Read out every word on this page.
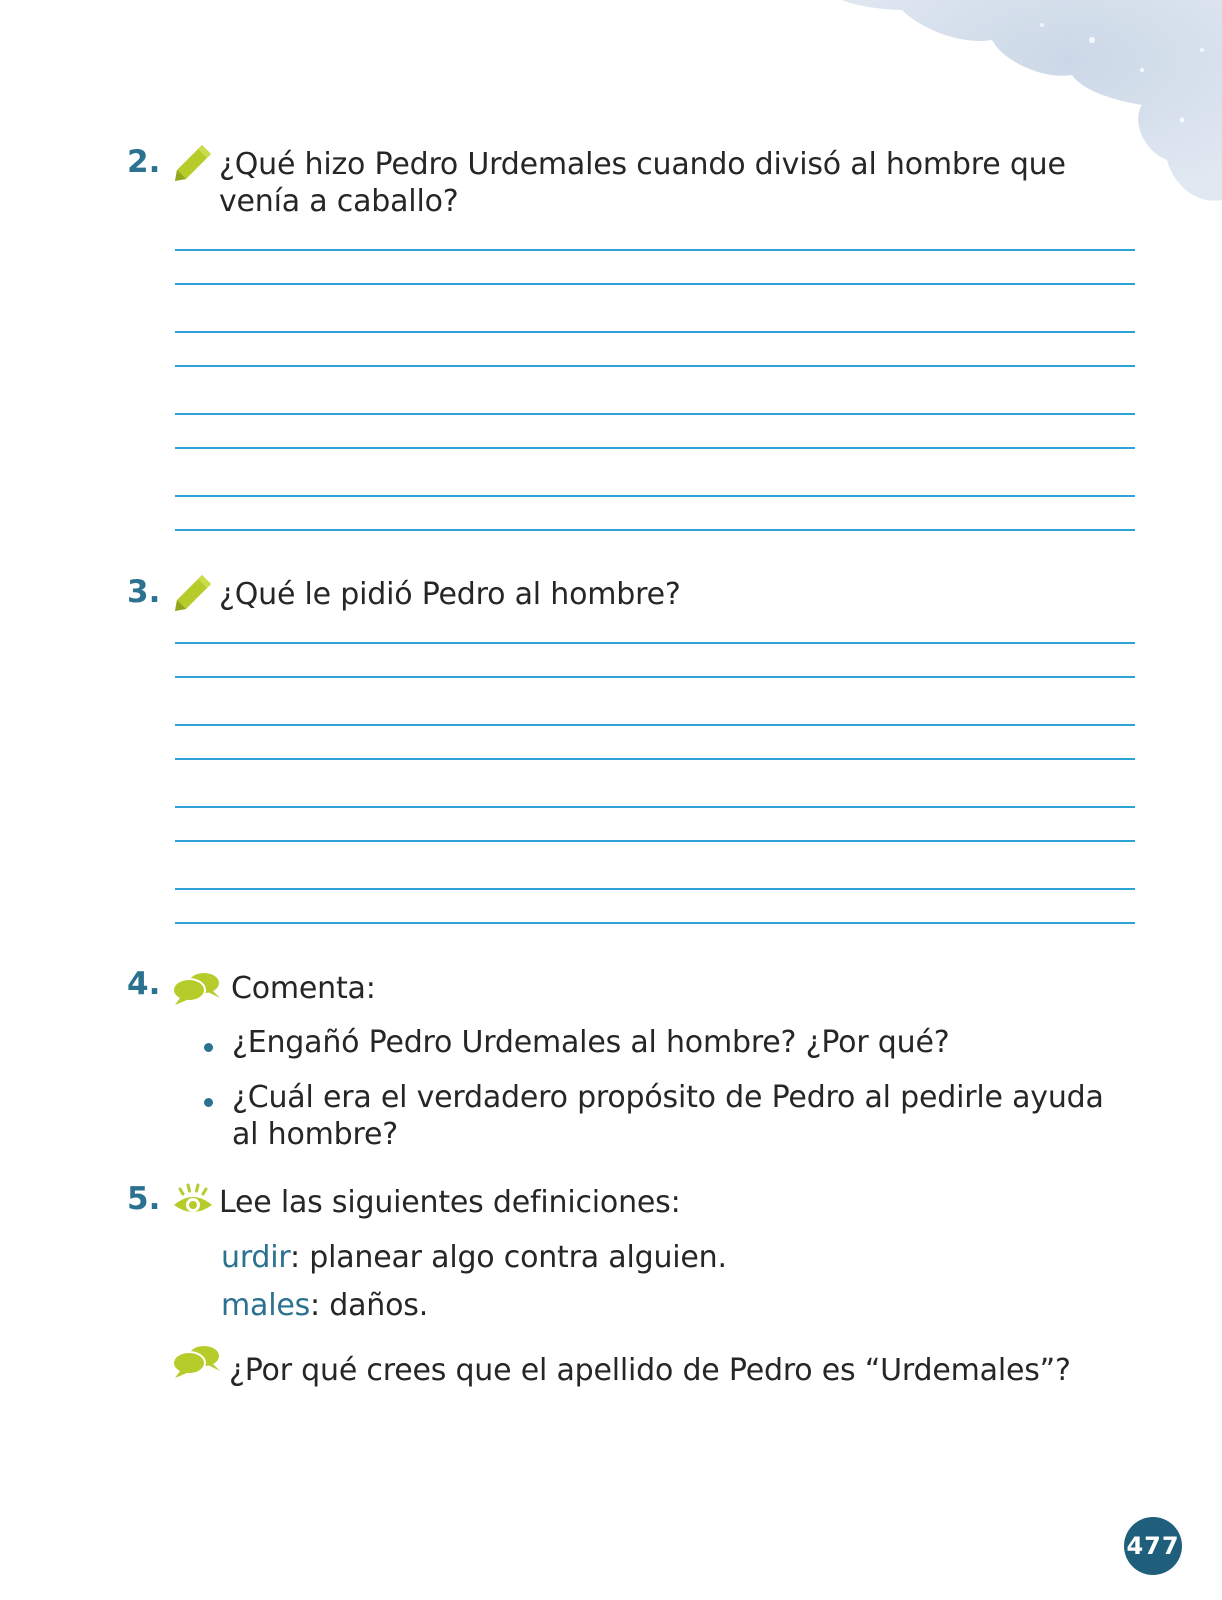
2. ¿Qué hizo Pedro Urdemales cuando divisó al hombre que
venía a caballo?
3. ¿Qué le pidió Pedro al hombre?
4. Comenta:
¿Engañó Pedro Urdemales al hombre? ¿Por qué?
¿Cuál era el verdadero propósito de Pedro al pedirle ayuda
al hombre?
5. Lee las siguientes definiciones:
urdir: planear algo contra alguien.
males: daños.
¿Por qué crees que el apellido de Pedro es “Urdemales”?
477
